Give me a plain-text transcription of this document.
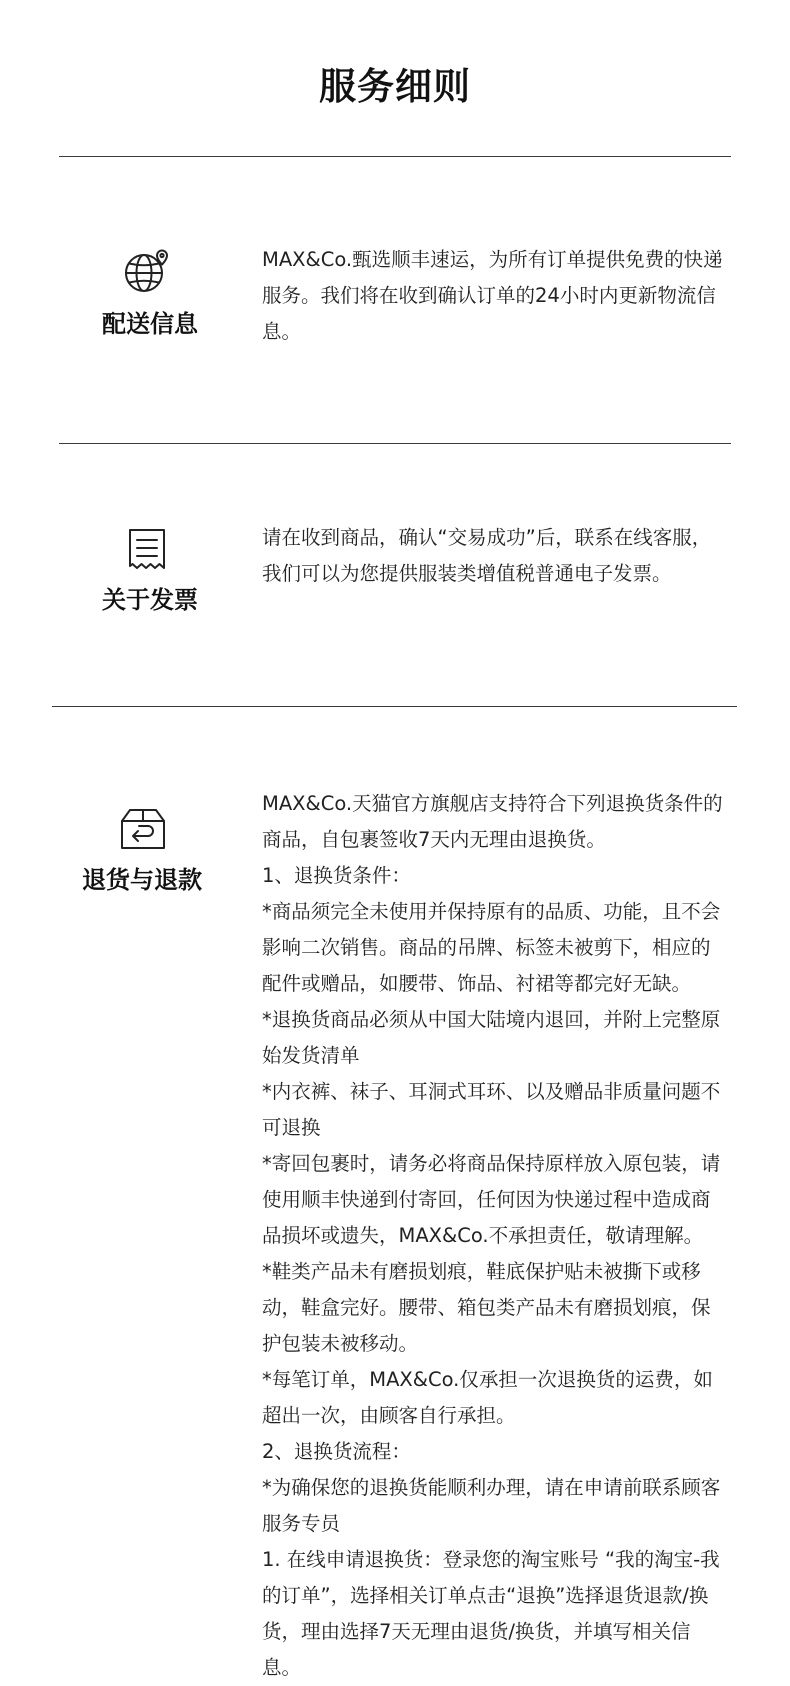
服务细则
配送信息

MAX&Co.甄选顺丰速运，为所有订单提供免费的快递服务。我们将在收到确认订单的24小时内更新物流信息。

关于发票

请在收到商品，确认“交易成功”后，联系在线客服，我们可以为您提供服装类增值税普通电子发票。

退货与退款

MAX&Co.天猫官方旗舰店支持符合下列退换货条件的商品，自包裹签收7天内无理由退换货。

1、退换货条件：

*商品须完全未使用并保持原有的品质、功能，且不会影响二次销售。商品的吊牌、标签未被剪下，相应的配件或赠品，如腰带、饰品、衬裙等都完好无缺。

*退换货商品必须从中国大陆境内退回，并附上完整原始发货清单

*内衣裤、袜子、耳洞式耳环、以及赠品非质量问题不可退换

*寄回包裹时，请务必将商品保持原样放入原包装，请使用顺丰快递到付寄回，任何因为快递过程中造成商品损坏或遗失，MAX&Co.不承担责任，敬请理解。

*鞋类产品未有磨损划痕，鞋底保护贴未被撕下或移动，鞋盒完好。腰带、箱包类产品未有磨损划痕，保护包装未被移动。

*每笔订单，MAX&Co.仅承担一次退换货的运费，如超出一次，由顾客自行承担。

2、退换货流程：

*为确保您的退换货能顺利办理，请在申请前联系顾客服务专员

1. 在线申请退换货：登录您的淘宝账号 “我的淘宝-我的订单”，选择相关订单点击“退换”选择退货退款/换货，理由选择7天无理由退货/换货，并填写相关信息。
